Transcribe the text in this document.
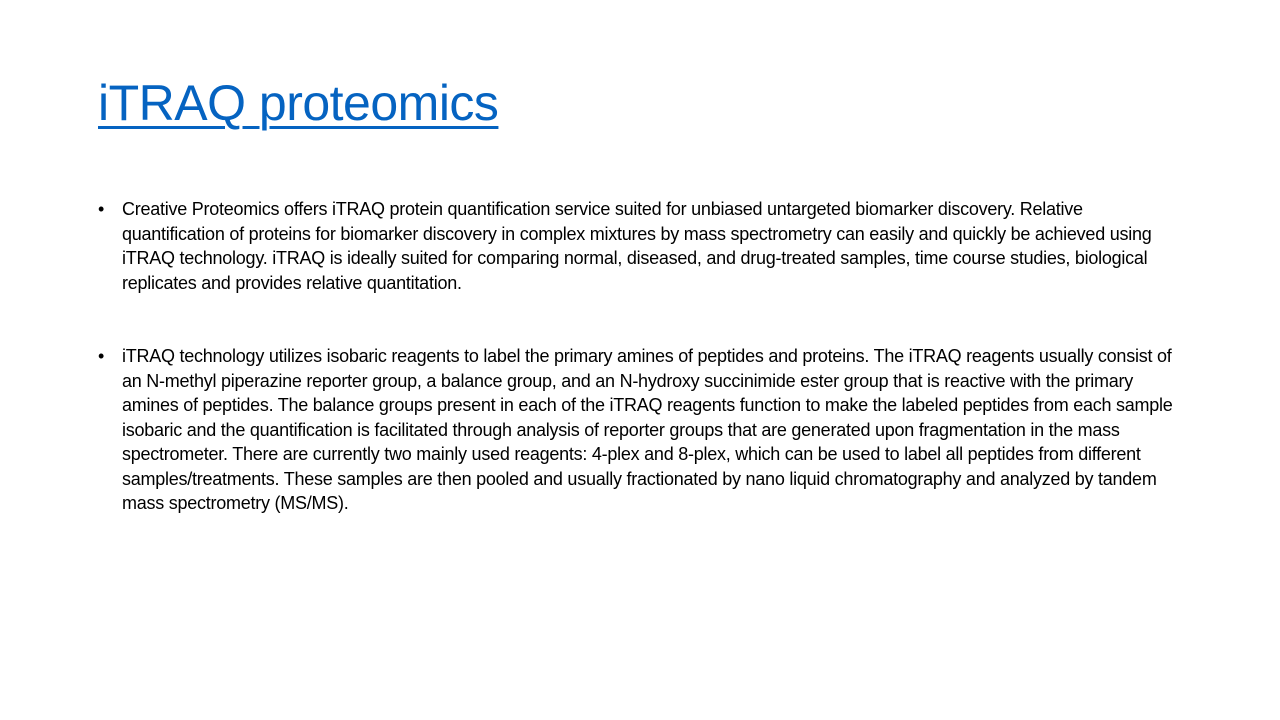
iTRAQ proteomics
• Creative Proteomics offers iTRAQ protein quantification service suited for unbiased untargeted biomarker discovery. Relative quantification of proteins for biomarker discovery in complex mixtures by mass spectrometry can easily and quickly be achieved using iTRAQ technology. iTRAQ is ideally suited for comparing normal, diseased, and drug-treated samples, time course studies, biological replicates and provides relative quantitation.
• iTRAQ technology utilizes isobaric reagents to label the primary amines of peptides and proteins. The iTRAQ reagents usually consist of an N-methyl piperazine reporter group, a balance group, and an N-hydroxy succinimide ester group that is reactive with the primary amines of peptides. The balance groups present in each of the iTRAQ reagents function to make the labeled peptides from each sample isobaric and the quantification is facilitated through analysis of reporter groups that are generated upon fragmentation in the mass spectrometer. There are currently two mainly used reagents: 4-plex and 8-plex, which can be used to label all peptides from different samples/treatments. These samples are then pooled and usually fractionated by nano liquid chromatography and analyzed by tandem mass spectrometry (MS/MS).
